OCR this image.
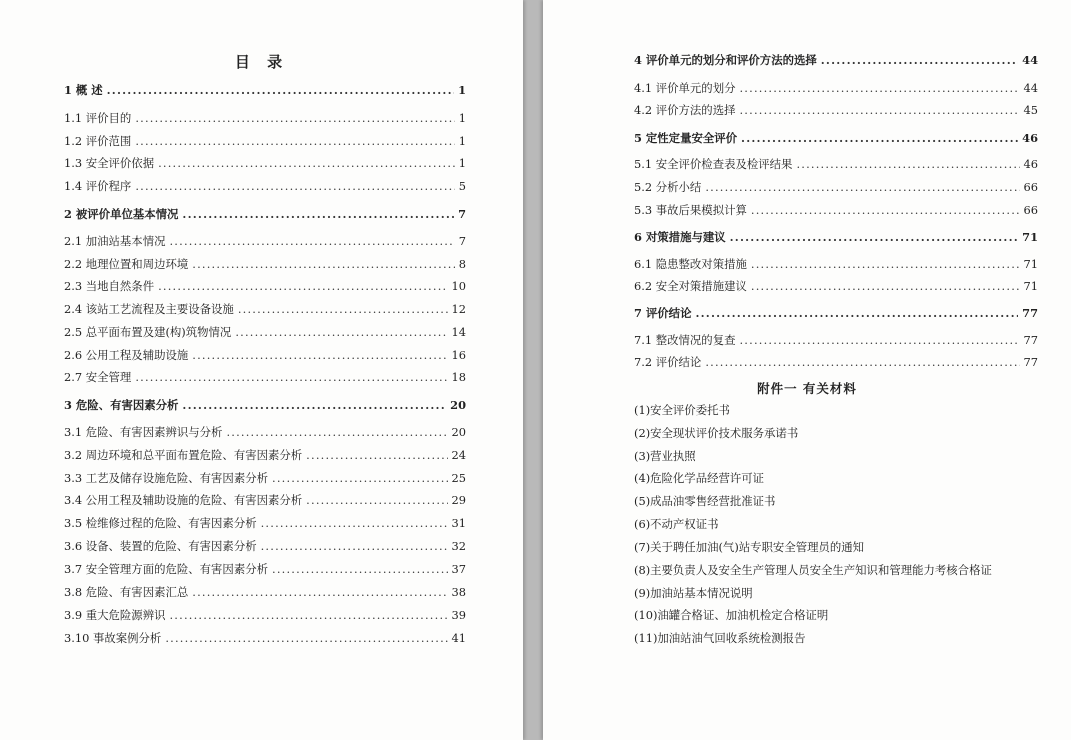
目 录
1 概 述 .....	1
1.1 评价目的 .....	1
1.2 评价范围 .....	1
1.3 安全评价依据 .....	1
1.4 评价程序 .....	5
2 被评价单位基本情况 .....	7
2.1 加油站基本情况 .....	7
2.2 地理位置和周边环境 .....	8
2.3 当地自然条件 .....	10
2.4 该站工艺流程及主要设备设施 .....	12
2.5 总平面布置及建(构)筑物情况 .....	14
2.6 公用工程及辅助设施 .....	16
2.7 安全管理 .....	18
3 危险、有害因素分析 .....	20
3.1 危险、有害因素辨识与分析 .....	20
3.2 周边环境和总平面布置危险、有害因素分析 .....	24
3.3 工艺及储存设施危险、有害因素分析 .....	25
3.4 公用工程及辅助设施的危险、有害因素分析 .....	29
3.5 检维修过程的危险、有害因素分析 .....	31
3.6 设备、装置的危险、有害因素分析 .....	32
3.7 安全管理方面的危险、有害因素分析 .....	37
3.8 危险、有害因素汇总 .....	38
3.9 重大危险源辨识 .....	39
3.10 事故案例分析 .....	41
4 评价单元的划分和评价方法的选择 .....	44
4.1 评价单元的划分 .....	44
4.2 评价方法的选择 .....	45
5 定性定量安全评价 .....	46
5.1 安全评价检查表及检评结果 .....	46
5.2 分析小结 .....	66
5.3 事故后果模拟计算 .....	66
6 对策措施与建议 .....	71
6.1 隐患整改对策措施 .....	71
6.2 安全对策措施建议 .....	71
7 评价结论 .....	77
7.1 整改情况的复查 .....	77
7.2 评价结论 .....	77
附件一 有关材料
(1)安全评价委托书
(2)安全现状评价技术服务承诺书
(3)营业执照
(4)危险化学品经营许可证
(5)成品油零售经营批准证书
(6)不动产权证书
(7)关于聘任加油(气)站专职安全管理员的通知
(8)主要负责人及安全生产管理人员安全生产知识和管理能力考核合格证
(9)加油站基本情况说明
(10)油罐合格证、加油机检定合格证明
(11)加油站油气回收系统检测报告
